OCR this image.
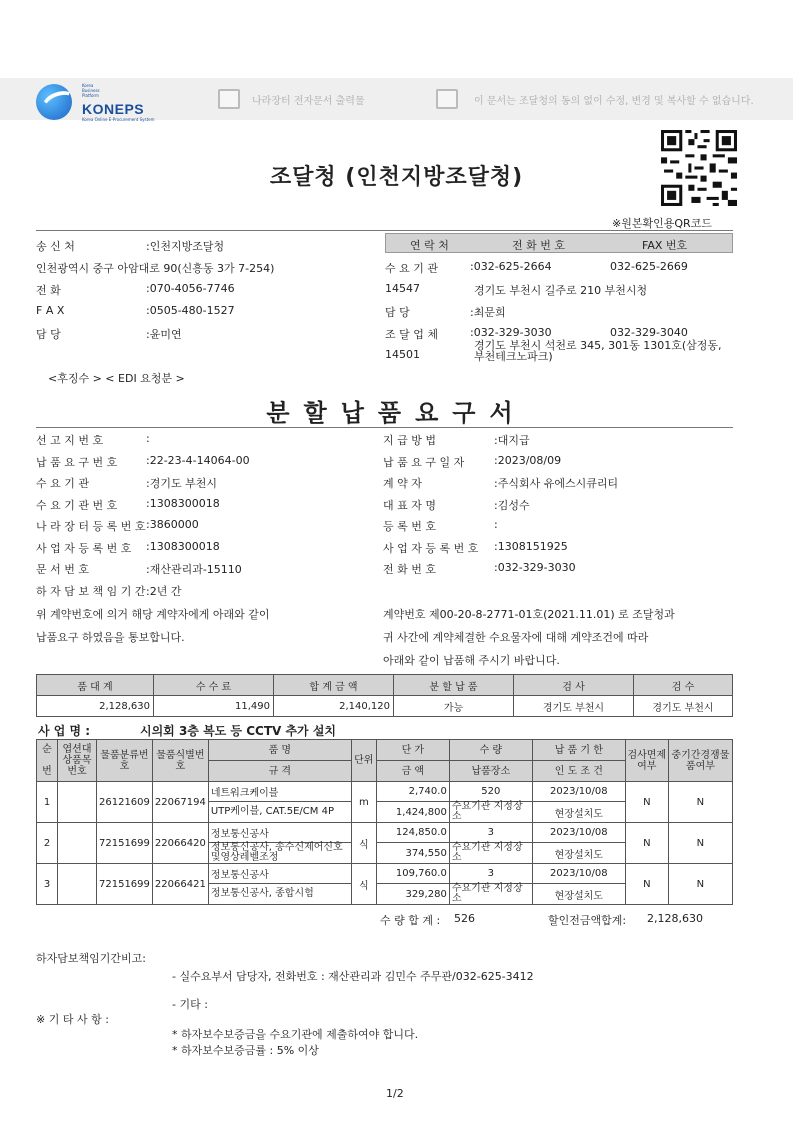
Korea
Business
Platform
KONEPS
Korea Online E-Procurement System
나라장터 전자문서 출력물	이 문서는 조달청의 동의 없이 수정, 변경 및 복사할 수 없습니다.
※원본확인용QR코드
조달청 (인천지방조달청)
송 신 처	:인천지방조달청
인천광역시 중구 아암대로 90(신흥동 3가 7-254)
전 화	:070-4056-7746
F A X	:0505-480-1527
담 당	:윤미연
연 락 처	전 화 번 호	FAX 번호
수 요 기 관	:032-625-2664	032-625-2669
14547	경기도 부천시 길주로 210 부천시청
담 당	:최문희
조 달 업 체	:032-329-3030	032-329-3040
14501
경기도 부천시 석천로 345, 301동 1301호(삼정동, 부천테크노파크)
<후징수 > < EDI 요청분 >
분할납품요구서
선 고 지 번 호	:
납 품 요 구 번 호	:22-23-4-14064-00
수 요 기 관	:경기도 부천시
수 요 기 관 번 호	:1308300018
나 라 장 터 등 록 번 호 :3860000
사 업 자 등 록 번 호 :1308300018
문 서 번 호	:재산관리과-15110
하 자 담 보 책 임 기 간 :2년 간
지 급 방 법	:대지급
납 품 요 구 일 자	:2023/08/09
계 약 자	:주식회사 유에스시큐리티
대 표 자 명	:김성수
등 록 번 호	:
사 업 자 등 록 번 호 :1308151925
전 화 번 호	:032-329-3030
위 계약번호에 의거 해당 계약자에게 아래와 같이
납품요구 하였음을 통보합니다.
계약번호 제00-20-8-2771-01호(2021.11.01) 로 조달청과
귀 사간에 계약체결한 수요물자에 대해 계약조건에 따라
아래와 같이 납품해 주시기 바랍니다.
품 대 계	수 수 료	합 계 금 액	분 할 납 품	검 사	검 수
2,128,630	11,490	2,140,120	가능	경기도 부천시	경기도 부천시
사 업 명 :	시의회 3층 복도 등 CCTV 추가 설치
순

번	엽션대상품목번호	물품분류번호	물품식별번호	품 명	단위	단 가	수 량	납 품 기 한	검사면제여부	중기간경쟁물품여부
				규 격		금 액	납품장소	인 도 조 건		
1		26121609	22067194	네트워크케이블	m	2,740.0	520	2023/10/08	N	N
				UTP케이블, CAT.5E/CM 4P		1,424,800	수요기관 지정장소	현장설치도		
2		72151699	22066420	정보통신공사	식	124,850.0	3	2023/10/08	N	N
				정보통신공사, 송수신제어신호및영상레벨조정		374,550	수요기관 지정장소	현장설치도		
3		72151699	22066421	정보통신공사	식	109,760.0	3	2023/10/08	N	N
				정보통신공사, 종합시험		329,280	수요기관 지정장소	현장설치도		
수 량 합 계 : 526	할인전금액합계: 2,128,630
하자담보책임기간비고:
- 실수요부서 담당자, 전화번호 : 재산관리과 김민수 주무관/032-625-3412
- 기타 :
※ 기 타 사 항 :
* 하자보수보증금을 수요기관에 제출하여야 합니다.
* 하자보수보증금률 : 5% 이상
1/2
